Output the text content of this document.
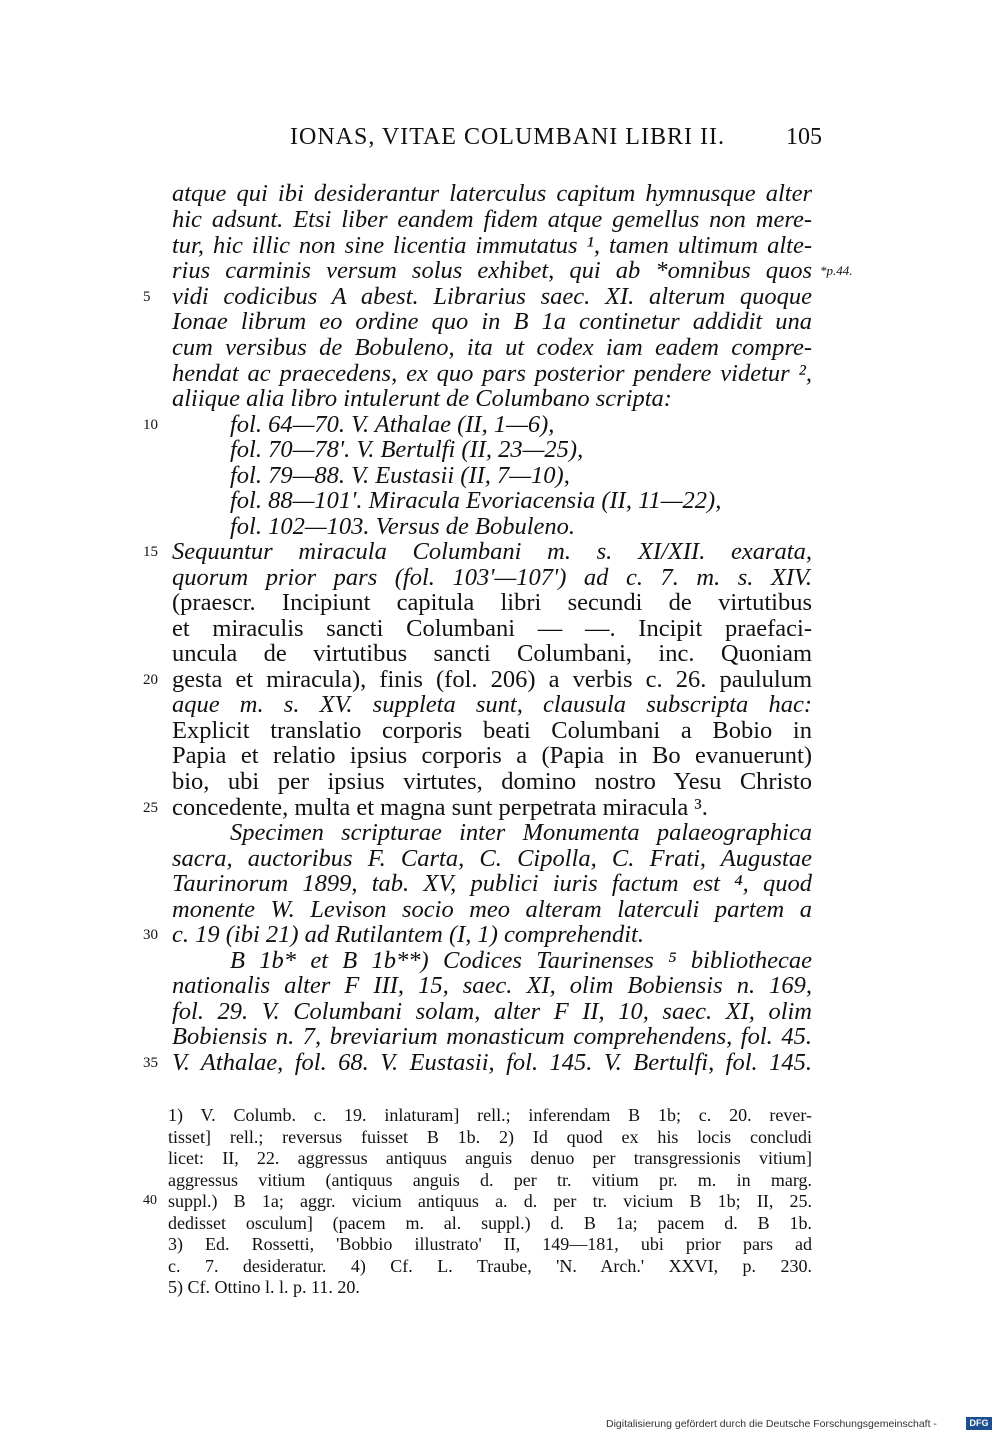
IONAS, VITAE COLUMBANI LIBRI II.	105
atque qui ibi desiderantur laterculus capitum hymnusque alter
hic adsunt. Etsi liber eandem fidem atque gemellus non mere-
tur, hic illic non sine licentia immutatus ¹, tamen ultimum alte-
rius carminis versum solus exhibet, qui ab *omnibus quos
vidi codicibus A abest. Librarius saec. XI. alterum quoque
Ionae librum eo ordine quo in B 1a continetur addidit una
cum versibus de Bobuleno, ita ut codex iam eadem compre-
hendat ac praecedens, ex quo pars posterior pendere videtur ²,
aliique alia libro intulerunt de Columbano scripta:
fol. 64—70. V. Athalae (II, 1—6),
fol. 70—78'. V. Bertulfi (II, 23—25),
fol. 79—88. V. Eustasii (II, 7—10),
fol. 88—101'. Miracula Evoriacensia (II, 11—22),
fol. 102—103. Versus de Bobuleno.
Sequuntur miracula Columbani m. s. XI/XII. exarata,
quorum prior pars (fol. 103'—107') ad c. 7. m. s. XIV.
(praescr. Incipiunt capitula libri secundi de virtutibus
et miraculis sancti Columbani — —. Incipit praefaci-
uncula de virtutibus sancti Columbani, inc. Quoniam
gesta et miracula), finis (fol. 206) a verbis c. 26. paululum
aque m. s. XV. suppleta sunt, clausula subscripta hac:
Explicit translatio corporis beati Columbani a Bobio in
Papia et relatio ipsius corporis a (Papia in Bo evanuerunt)
bio, ubi per ipsius virtutes, domino nostro Yesu Christo
concedente, multa et magna sunt perpetrata miracula ³.
Specimen scripturae inter Monumenta palaeographica
sacra, auctoribus F. Carta, C. Cipolla, C. Frati, Augustae
Taurinorum 1899, tab. XV, publici iuris factum est ⁴, quod
monente W. Levison socio meo alteram laterculi partem a
c. 19 (ibi 21) ad Rutilantem (I, 1) comprehendit.
B 1b* et B 1b**) Codices Taurinenses ⁵ bibliothecae
nationalis alter F III, 15, saec. XI, olim Bobiensis n. 169,
fol. 29. V. Columbani solam, alter F II, 10, saec. XI, olim
Bobiensis n. 7, breviarium monasticum comprehendens, fol. 45.
V. Athalae, fol. 68. V. Eustasii, fol. 145. V. Bertulfi, fol. 145.
5
10
15
20
25
30
35
*p.44.
1) V. Columb. c. 19. inlaturam] rell.; inferendam B 1b; c. 20. rever-
tisset] rell.; reversus fuisset B 1b. 2) Id quod ex his locis concludi
licet: II, 22. aggressus antiquus anguis denuo per transgressionis vitium]
aggressus vitium (antiquus anguis d. per tr. vitium pr. m. in marg.
suppl.) B 1a; aggr. vicium antiquus a. d. per tr. vicium B 1b; II, 25.
dedisset osculum] (pacem m. al. suppl.) d. B 1a; pacem d. B 1b.
3) Ed. Rossetti, 'Bobbio illustrato' II, 149—181, ubi prior pars ad
c. 7. desideratur. 4) Cf. L. Traube, 'N. Arch.' XXVI, p. 230.
5) Cf. Ottino l. l. p. 11. 20.
40
Digitalisierung gefördert durch die Deutsche Forschungsgemeinschaft -	DFG
